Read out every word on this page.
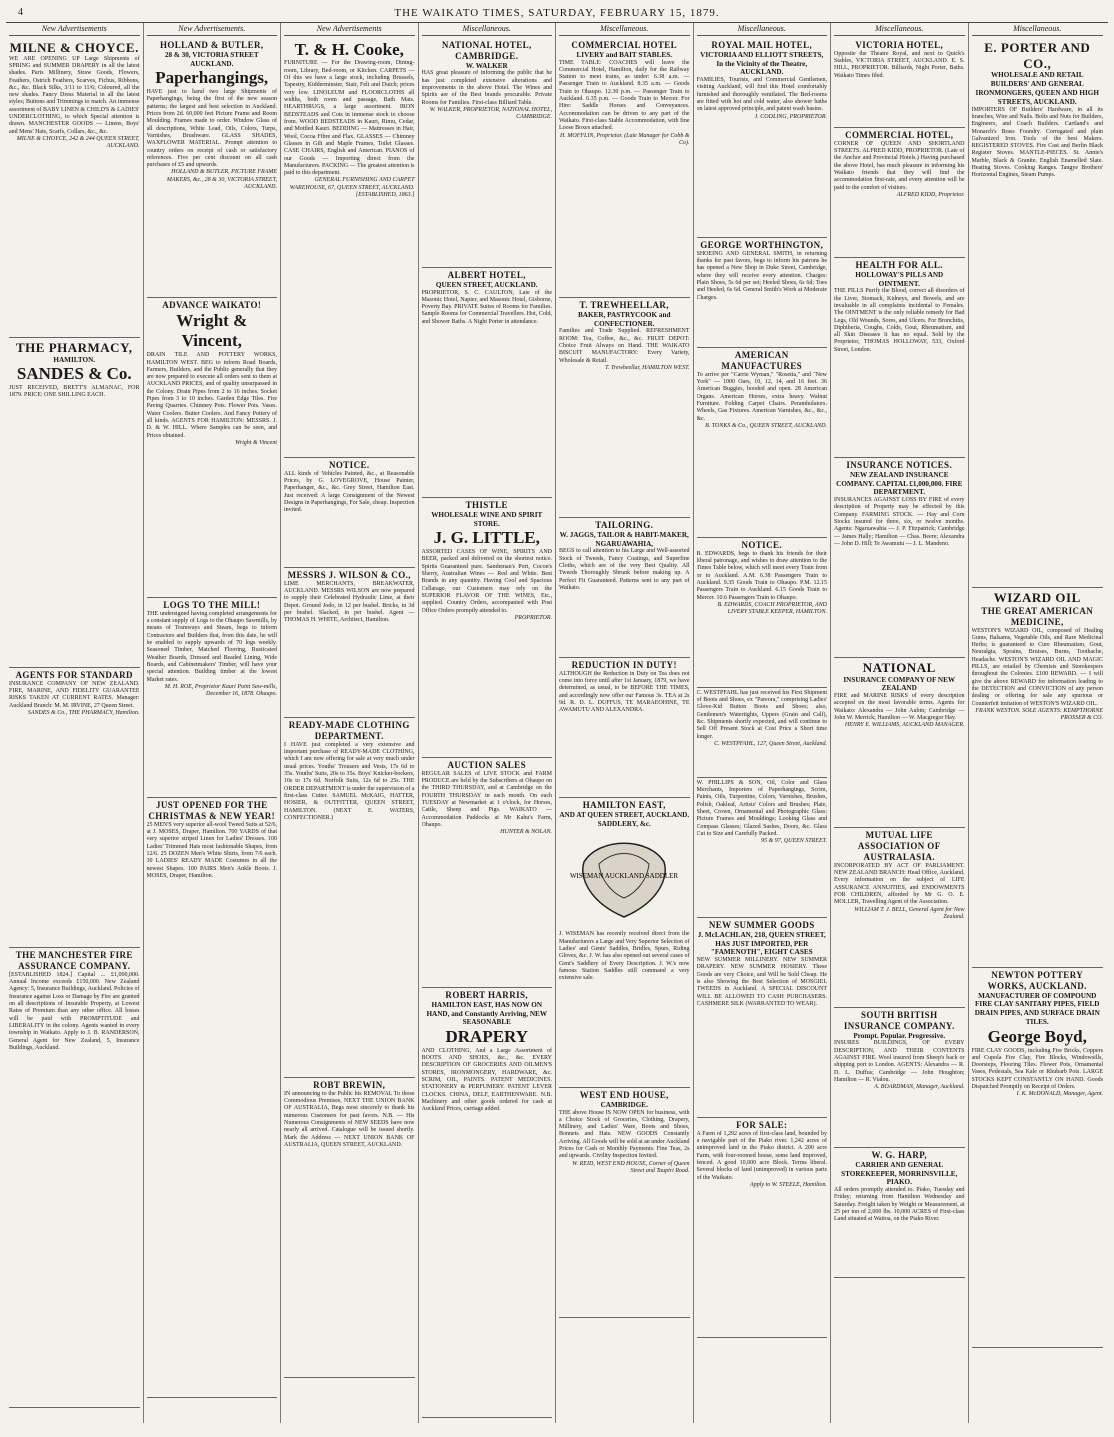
4	THE WAIKATO TIMES, SATURDAY, FEBRUARY 15, 1879.
New Advertisements
MILNE & CHOYCE.
WE ARE OPENING UP Large Shipments of SPRING and SUMMER DRAPERY in all the latest shades. Paris Millinery, Straw Goods, Flowers, Feathers, Ostrich Feathers, Scarves, Fichus, Ribbons, &c., &c. Black Silks, 3/11 to 11/6; Coloured, all the new shades. Fancy Dress Material in all the latest styles; Buttons and Trimmings to match. An immense assortment of BABY LINEN & CHILD'S & LADIES' UNDERCLOTHING, to which Special attention is drawn. MANCHESTER GOODS — Linens, Boys' and Mens' Hats, Scarfs, Collars, &c., &c.
MILNE & CHOYCE, 242 & 244 QUEEN STREET, AUCKLAND.
THE PHARMACY,
HAMILTON.
SANDES & Co.
JUST RECEIVED, BRETT'S ALMANAC, FOR 1879. PRICE: ONE SHILLING EACH.
AGENTS FOR STANDARD
INSURANCE COMPANY OF NEW ZEALAND. FIRE, MARINE, AND FIDELITY GUARANTEE RISKS TAKEN AT CURRENT RATES. Manager: Auckland Branch: M. M. IRVINE, 27 Queen Street.
SANDES & Co., THE PHARMACY, Hamilton.
THE MANCHESTER FIRE ASSURANCE COMPANY.
[ESTABLISHED 1824.] Capital ... £1,000,000. Annual Income exceeds £150,000. New Zealand Agency: 5, Insurance Buildings, Auckland. Policies of Insurance against Loss or Damage by Fire are granted on all descriptions of Insurable Property, at Lowest Rates of Premium than any other office. All losses will be paid with PROMPTITUDE and LIBERALITY in the colony. Agents wanted in every township in Waikato. Apply to J. B. RANDERSON, General Agent for New Zealand, 5, Insurance Buildings, Auckland.
New Advertisements.
HOLLAND & BUTLER,
28 & 30, VICTORIA STREET AUCKLAND.
Paperhangings,
HAVE just to hand two large Shipments of Paperhangings, being the first of the new season patterns; the largest and best selection in Auckland. Prices from 2d. 60,000 feet Picture Frame and Room Moulding. Frames made to order. Window Glass of all descriptions, White Lead, Oils, Colors, Turps, Varnishes, Brushware. GLASS SHADES, WAXFLOWER MATERIAL. Prompt attention to country orders on receipt of cash or satisfactory references. Five per cent discount on all cash purchases of £5 and upwards.
HOLLAND & BUTLER, PICTURE FRAME MAKERS, &c., 28 & 30, VICTORIA STREET, AUCKLAND.
ADVANCE WAIKATO!
Wright & Vincent,
DRAIN TILE AND POTTERY WORKS, HAMILTON WEST. BEG to inform Road Boards, Farmers, Builders, and the Public generally that they are now prepared to execute all orders sent to them at AUCKLAND PRICES, and of quality unsurpassed in the Colony. Drain Pipes from 2 to 16 inches. Socket Pipes from 3 to 10 inches. Garden Edge Tiles. Fire Paving Quarries. Chimney Pots. Flower Pots. Vases. Water Coolers. Butter Coolers. And Fancy Pottery of all kinds. AGENTS FOR HAMILTON: MESSRS. J. D. & W. HILL. Where Samples can be seen, and Prices obtained.
Wright & Vincent
LOGS TO THE MILL!
THE undersigned having completed arrangements for a constant supply of Logs to the Ohaupo Sawmills, by means of Tramways and Steam, begs to inform Contractors and Builders that, from this date, he will be enabled to supply upwards of 70 logs weekly. Seasoned Timber, Matched Flooring, Rusticated Weather Boards, Dressed and Beaded Lining, Wide Boards, and Cabinetmakers' Timber, will have your special attention. Building timber at the lowest Market rates.
M. H. ROE, Proprietor Kauri Point Saw-mills, December 16, 1878. Ohaupo.
JUST OPENED FOR THE CHRISTMAS & NEW YEAR!
25 MEN'S very superior all-wool Tweed Suits at 52/6, at J. MOSES, Draper, Hamilton. 700 YARDS of that very superior striped Linen for Ladies' Dresses. 100 Ladies' Trimmed Hats most fashionable Shapes, from 12/6. 25 DOZEN Men's White Shirts, from 7/6 each. 30 LADIES' READY MADE Costumes in all the newest Shapes. 100 PAIRS Men's Ankle Boots. J. MOSES, Draper, Hamilton.
New Advertisements
T. & H. Cooke,
FURNITURE — For the Drawing-room, Dining-room, Library, Bed-room, or Kitchen. CARPETS — Of this we have a large stock, including Brussels, Tapestry, Kidderminster, Stair, Felt and Dutch; prices very low. LINOLEUM and FLOORCLOTHS all widths, both room and passage, Bath Mats. HEARTHRUGS, a large assortment. IRON BEDSTEADS and Cots in immense stock to choose from. WOOD BEDSTEADS in Kauri, Rimu, Cedar, and Mottled Kauri. BEDDING — Mattresses in Hair, Wool, Cocoa Fibre and Flax. GLASSES — Chimney Glasses in Gilt and Maple Frames, Toilet Glasses. CASE CHAIRS, English and American. PIANOS of our Goods — Importing direct from the Manufacturers. PACKING — The greatest attention is paid to this department.
GENERAL FURNISHING AND CARPET WAREHOUSE, 67, QUEEN STREET, AUCKLAND. [ESTABLISHED, 1863.]
NOTICE.
ALL kinds of Vehicles Painted, &c., at Reasonable Prices, by G. LOVEGROVE, House Painter, Paperhanger, &c., &c. Grey Street, Hamilton East. Just received: A large Consignment of the Newest Designs in Paperhangings, For Sale, cheap. Inspection invited.
MESSRS J. WILSON & CO.,
LIME MERCHANTS, BREAKWATER, AUCKLAND. MESSRS WILSON are now prepared to supply their Celebrated Hydraulic Lime, at their Depot. Ground Jodo, in 12 per bushel. Bricks, in 3d per bushel. Slacked, in per bushel. Agent — THOMAS H. WHITE, Architect, Hamilton.
READY-MADE CLOTHING DEPARTMENT.
I HAVE just completed a very extensive and important purchase of READY-MADE CLOTHING, which I am now offering for sale at very much under usual prices. Youths' Trousers and Vests, 17s 6d to 35s. Youths' Suits, 20s to 35s. Boys' Knicker-bockers, 10s to 17s 6d. Norfolk Suits, 12s 6d to 25s. THE ORDER DEPARTMENT is under the supervision of a first-class Cutter. SAMUEL McKAIG, HATTER, HOSIER, & OUTFITTER, QUEEN STREET, HAMILTON. (NEXT E. WATERS, CONFECTIONER.)
ROBT BREWIN,
IN announcing to the Public his REMOVAL To those Commodious Premises, NEXT THE UNION BANK OF AUSTRALIA, Begs most sincerely to thank his numerous Customers for past favors. N.B. — His Numerous Consignments of NEW SEEDS have now nearly all arrived. Catalogue will be issued shortly. Mark the Address — NEXT UNION BANK OF AUSTRALIA, QUEEN STREET, AUCKLAND.
Miscellaneous.
NATIONAL HOTEL, CAMBRIDGE.
W. WALKER
HAS great pleasure of informing the public that he has just completed extensive alterations and improvements in the above Hotel. The Wines and Spirits are of the Best brands procurable. Private Rooms for Families. First-class Billiard Table.
W. WALKER, PROPRIETOR, NATIONAL HOTEL, CAMBRIDGE.
ALBERT HOTEL,
QUEEN STREET, AUCKLAND.
PROPRIETOR, S. C. CAULTON, Late of the Masonic Hotel, Napier, and Masonic Hotel, Gisborne, Poverty Bay. PRIVATE Suites of Rooms for Families. Sample Rooms for Commercial Travellers. Hot, Cold, and Shower Baths. A Night Porter in attendance.
THISTLE
WHOLESALE WINE AND SPIRIT STORE.
J. G. LITTLE,
ASSORTED CASES OF WINE, SPIRITS AND BEER, packed and delivered on the shortest notice. Spirits Guaranteed pure. Sandeman's Port, Cocon's Sherry, Australian Wines — Red and White. Best Brands in any quantity. Having Cool and Spacious Cellarage, our Customers may rely on the SUPERIOR FLAVOR OF THE WINES, Etc., supplied. Country Orders, accompanied with Post Office Orders promptly attended to.
PROPRIETOR.
AUCTION SALES
REGULAR SALES of LIVE STOCK and FARM PRODUCE are held by the Subscribers at Ohaupo on the THIRD THURSDAY, and at Cambridge on the FOURTH THURSDAY in each month. On each TUESDAY at Newmarket at 1 o'clock, for Horses, Cattle, Sheep and Pigs. WAIKATO — Accommodation Paddocks at Mr Kahu's Farm, Ohaupo.
HUNTER & NOLAN.
ROBERT HARRIS,
HAMILTON EAST, HAS NOW ON HAND, and Constantly Arriving, NEW SEASONABLE
DRAPERY
AND CLOTHING, And a Large Assortment of BOOTS AND SHOES, &c., &c. EVERY DESCRIPTION OF GROCERIES AND OILMEN'S STORES, IRONMONGERY, HARDWARE, &c. SCRIM, OIL, PAINTS. PATENT MEDICINES. STATIONERY & PERFUMERY. PATENT LEVER CLOCKS. CHINA, DELF, EARTHENWARE. N.B. Machinery and other goods ordered for cash at Auckland Prices, carriage added.
Miscellaneous.
COMMERCIAL HOTEL
LIVERY and BAIT STABLES.
TIME TABLE: COACHES will leave the Commercial Hotel, Hamilton, daily for the Railway Station to meet trains, as under: 6.38 a.m. — Passenger Train to Auckland. 8.35 a.m. — Goods Train to Ohaupo. 12.30 p.m. — Passenger Train to Auckland. 6.35 p.m. — Goods Train to Mercer. For Hire: Saddle Horses and Conveyances. Accommodation can be driven to any part of the Waikato. First-class Stable Accommodation, with fine Loose Boxes attached.
H. MOFFLIN, Proprietor. (Late Manager for Cobb & Co).
T. TREWHEELLAR,
BAKER, PASTRYCOOK and CONFECTIONER.
Families and Trade Supplied. REFRESHMENT ROOM: Tea, Coffee, &c., &c. FRUIT DEPOT: Choice Fruit Always on Hand. THE WAIKATO BISCUIT MANUFACTORY: Every Variety, Wholesale & Retail.
T. Trewheellar, HAMILTON WEST.
TAILORING.
W. JAGGS, TAILOR & HABIT-MAKER, NGARUAWAHIA,
BEGS to call attention to his Large and Well-assorted Stock of Tweeds, Fancy Coatings, and Superfine Cloths, which are of the very Best Quality. All Tweeds Thoroughly Shrunk before making up. A Perfect Fit Guaranteed. Patterns sent to any part of Waikato.
REDUCTION IN DUTY!
ALTHOUGH the Reduction in Duty on Tea does not come into force until after 1st January, 1879, we have determined, as usual, to be BEFORE THE TIMES, and accordingly now offer our Famous 3s. TEA at 2s 9d. R. D. L. DUFFUS, TE MARAEOHINE, TE AWAMUTU AND ALEXANDRA.
HAMILTON EAST,
AND AT QUEEN STREET, AUCKLAND. SADDLERY, &c.
WISEMAN AUCKLAND SADDLER
J. WISEMAN has recently received direct from the Manufacturers a Large and Very Superior Selection of Ladies' and Gents' Saddles, Bridles, Spurs, Riding Gloves, &c. J. W. has also opened out several cases of Gent's Saddlery of Every Description. J. W.'s now famous Station Saddles still command a very extensive sale.
WEST END HOUSE,
CAMBRIDGE.
THE above House IS NOW OPEN for business, with a Choice Stock of Groceries, Clothing, Drapery, Millinery, and Ladies' Ware, Boots and Shoes, Bonnets and Hats. NEW GOODS Constantly Arriving. All Goods will be sold at an under Auckland Prices for Cash or Monthly Payments. Fine Teas, 2s and upwards. Civility Inspection Invited.
W. REID, WEST END HOUSE, Corner of Queen Street and Taupiri Road.
Miscellaneous.
ROYAL MAIL HOTEL,
VICTORIA AND ELLIOTT STREETS, In the Vicinity of the Theatre, AUCKLAND.
FAMILIES, Tourists, and Commercial Gentlemen, visiting Auckland, will find this Hotel comfortably furnished and thoroughly ventilated. The Bed-rooms are fitted with hot and cold water, also shower baths on latest approved principle, and patent wash basins.
J. CODLING, PROPRIETOR.
GEORGE WORTHINGTON,
SHOEING AND GENERAL SMITH, in returning thanks for past favors, begs to inform his patrons he has opened a New Shop in Duke Street, Cambridge, where they will receive every attention. Charges: Plain Shoes, 5s 6d per set; Heeled Shoes, 6s 6d; Toes and Heeled, 6s 6d. General Smith's Work at Moderate Charges.
AMERICAN MANUFACTURES
To arrive per "Carrie Wyman," "Rosetta," and "New York" — 1000 Oars, 10, 12, 14, and 16 feet. 36 American Buggies, hooded and open. 28 American Organs. American Horses, extra heavy. Walnut Furniture. Folding Carpet Chairs. Peramhulators. Wheels, Gas Fixtures. American Varnishes, &c., &c., &c.
B. TONKS & Co., QUEEN STREET, AUCKLAND.
NOTICE.
B. EDWARDS, begs to thank his friends for their liberal patronage, and wishes to draw attention to the Times Table below, which will meet every Train from or to Auckland. A.M. 6.38 Passengers Train to Auckland. 9.35 Goods Train to Ohaupo. P.M. 12.15 Passengers Train to Auckland. 6.15 Goods Train to Mercer. 10.6 Passengers Train to Ohaupo.
B. EDWARDS, COACH PROPRIETOR, AND LIVERY STABLE KEEPER, HAMILTON.
C. WESTPFAHL has just received his First Shipment of Boots and Shoes, ex "Pareora," comprising Ladies' Glove-Kid Button Boots and Shoes; also, Gentlemen's Watertights, Uppers (Grain and Calf), &c. Shipments shortly expected, and will continue to Sell Off Present Stock at Cost Price a Short time longer.
C. WESTPFAHL, 127, Queen Street, Auckland.
W. PHILLIPS & SON, Oil, Color and Glass Merchants, Importers of Paperhangings, Scrim, Paints, Oils, Turpentine, Colors, Varnishes, Brushes, Polish, Oakleaf, Artists' Colors and Brushes; Plate, Sheet, Crown, Ornamental and Photographic Glass; Picture Frames and Mouldings; Looking Glass and Compass Glasses; Glazed Sashes, Doors, &c. Glass Cut to Size and Carefully Packed.
95 & 97, QUEEN STREET.
NEW SUMMER GOODS
J. McLACHLAN, 218, QUEEN STREET, HAS JUST IMPORTED, PER "FAMENOTH", EIGHT CASES
NEW SUMMER MILLINERY. NEW SUMMER DRAPERY. NEW SUMMER HOSIERY. These Goods are very Choice, and Will be Sold Cheap. He is also Showing the Best Selection of MOSGIEL TWEEDS in Auckland. A SPECIAL DISCOUNT WILL BE ALLOWED TO CASH PURCHASERS. CASHMERE SILK (WARRANTED TO WEAR).
FOR SALE:
A Farm of 1,292 acres of first-class land, bounded by a navigable part of the Piako river. 1,242 acres of unimproved land in the Piako district. A 200 acre Farm, with four-roomed house, some land improved, fenced. A good 10,000 acre Block. Terms liberal. Several blocks of land (unimproved) in various parts of the Waikato.
Apply to W. STEELE, Hamilton.
Miscellaneous.
VICTORIA HOTEL,
Opposite the Theatre Royal, and next to Quick's Stables, VICTORIA STREET, AUCKLAND. E. S. HILL, PROPRIETOR. Billiards, Night Porter, Baths. Waikato Times filed.
COMMERCIAL HOTEL,
CORNER OF QUEEN AND SHORTLAND STREETS. ALFRED KIDD, PROPRIETOR. (Late of the Anchor and Provincial Hotels.) Having purchased the above Hotel, has much pleasure in informing his Waikato friends that they will find the accommodation first-rate, and every attention will be paid to the comfort of visitors.
ALFRED KIDD, Proprietor.
HEALTH FOR ALL.
HOLLOWAY'S PILLS AND OINTMENT.
THE PILLS Purify the Blood, correct all disorders of the Liver, Stomach, Kidneys, and Bowels, and are invaluable in all complaints incidental to Females. The OINTMENT is the only reliable remedy for Bad Legs, Old Wounds, Sores, and Ulcers. For Bronchitis, Diphtheria, Coughs, Colds, Gout, Rheumatism, and all Skin Diseases it has no equal. Sold by the Proprietor, THOMAS HOLLOWAY, 533, Oxford Street, London.
INSURANCE NOTICES.
NEW ZEALAND INSURANCE COMPANY. CAPITAL £1,000,000. FIRE DEPARTMENT.
INSURANCES AGAINST LOSS BY FIRE of every description of Property may be effected by this Company. FARMING STOCK. — Hay and Corn Stocks insured for three, six, or twelve months. Agents: Ngaruawahia — J. P. Fitzpatrick; Cambridge — James Hally; Hamilton — Chas. Beere; Alexandra — John D. Hill; Te Awamutu — J. L. Mandeno.
NATIONAL
INSURANCE COMPANY OF NEW ZEALAND
FIRE and MARINE RISKS of every description accepted on the most favorable terms. Agents for Waikato: Alexandra — John Aubin; Cambridge — John W. Merrick; Hamilton — W. Macgregor Hay.
HENRY E. WILLIAMS, AUCKLAND MANAGER.
MUTUAL LIFE ASSOCIATION OF AUSTRALASIA.
INCORPORATED BY ACT OF PARLIAMENT. NEW ZEALAND BRANCH: Head Office, Auckland. Every information on the subject of LIFE ASSURANCE ANNUITIES, and ENDOWMENTS FOR CHILDREN, afforded by Mr G. O. E. MOLLER, Travelling Agent of the Association.
WILLIAM T. J. BELL, General Agent for New Zealand.
SOUTH BRITISH INSURANCE COMPANY.
Prompt. Popular. Progressive.
INSURES BUILDINGS, OF EVERY DESCRIPTION, AND THEIR CONTENTS AGAINST FIRE. Wool insured from Sheep's back or shipping port to London. AGENTS: Alexandra — R. D. L. Duffus; Cambridge — John Houghton; Hamilton — R. Vialou.
A. BOARDMAN, Manager, Auckland.
W. G. HARP,
CARRIER AND GENERAL STOREKEEPER, MORRINSVILLE, PIAKO.
All orders promptly attended to. Piako, Tuesday and Friday; returning from Hamilton Wednesday and Saturday. Freight taken by Weight or Measurement, at 25 per ton of 2,000 lbs. 10,000 ACRES of First-class Land situated at Waitoa, on the Piako River.
Miscellaneous.
E. PORTER AND CO.,
WHOLESALE AND RETAIL BUILDERS' AND GENERAL IRONMONGERS, QUEEN AND HIGH STREETS, AUCKLAND.
IMPORTERS OF Builders' Hardware, in all its branches, Wire and Nails. Bolts and Nuts for Builders, Engineers, and Coach Builders. Cartland's and Monarch's Brass Foundry. Corrugated and plain Galvanized Iron. Tools of the best Makers. REGISTERED STOVES. Fire Cast and Berlin Black Register Stoves. MANTLE-PIECES. St. Annie's Marble, Black & Granite. English Enamelled Slate. Heating Stoves. Cooking Ranges. Tangye Brothers' Horizontal Engines, Steam Pumps.
WIZARD OIL
THE GREAT AMERICAN MEDICINE,
WESTON'S WIZARD OIL, composed of Healing Gums, Balsams, Vegetable Oils, and Rare Medicinal Herbs; is guaranteed to Cure Rheumatism, Gout, Neuralgia, Sprains, Bruises, Burns, Toothache, Headache. WESTON'S WIZARD OIL AND MAGIC PILLS, are retailed by Chemists and Storekeepers throughout the Colonies. £100 REWARD. — I will give the above REWARD for information leading to the DETECTION and CONVICTION of any person dealing or offering for sale any spurious or Counterfeit imitation of WESTON'S WIZARD OIL.
FRANK WESTON. SOLE AGENTS: KEMPTHORNE PROSSER & CO.
NEWTON POTTERY WORKS, AUCKLAND.
MANUFACTURER OF COMPOUND FIRE CLAY SANITARY PIPES, FIELD DRAIN PIPES, AND SURFACE DRAIN TILES.
George Boyd,
FIRE CLAY GOODS, including Fire Bricks, Coppers and Cupola Fire Clay, Fire Blocks, Windowsills, Doorsteps, Flooring Tiles. Flower Pots, Ornamental Vases, Pedestals, Sea Kale or Rhubarb Pots. LARGE STOCKS KEPT CONSTANTLY ON HAND. Goods Dispatched Promptly on Receipt of Orders.
I. K. McDONALD, Manager, Agent.
